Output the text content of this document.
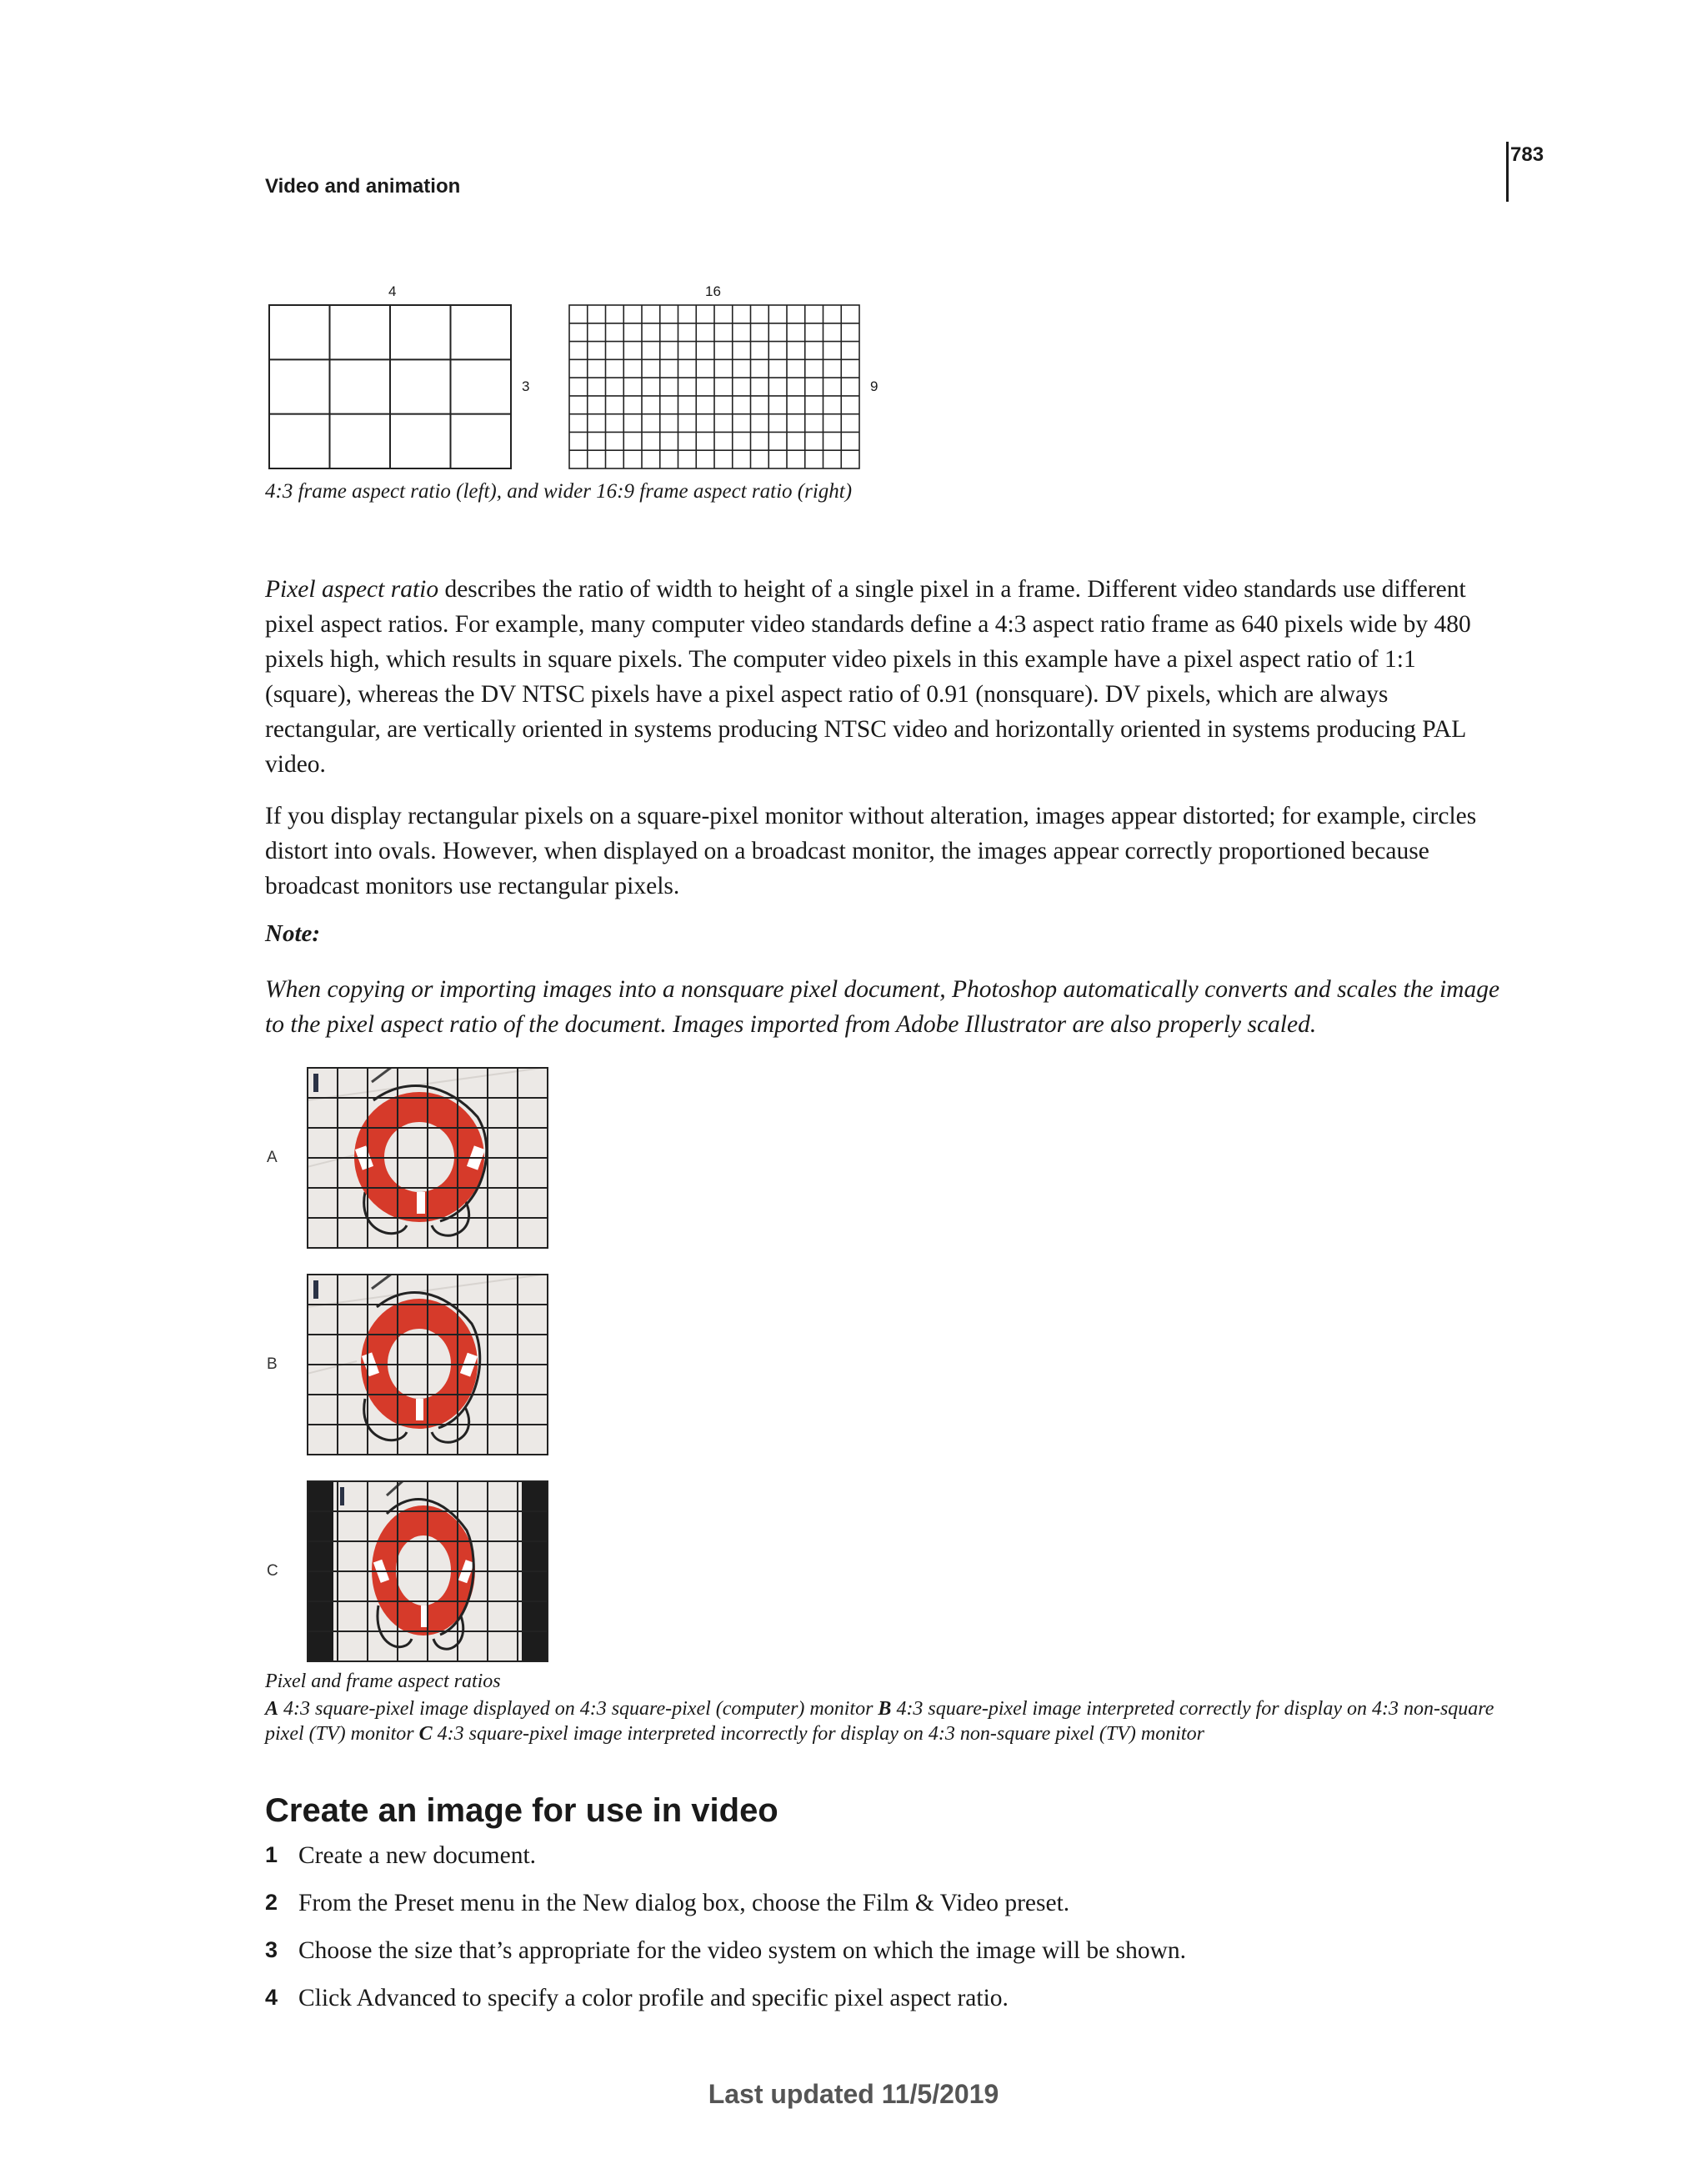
783
Video and animation
4
3
16
9
4:3 frame aspect ratio (left), and wider 16:9 frame aspect ratio (right)
Pixel aspect ratio describes the ratio of width to height of a single pixel in a frame. Different video standards use different pixel aspect ratios. For example, many computer video standards define a 4:3 aspect ratio frame as 640 pixels wide by 480 pixels high, which results in square pixels. The computer video pixels in this example have a pixel aspect ratio of 1:1 (square), whereas the DV NTSC pixels have a pixel aspect ratio of 0.91 (nonsquare). DV pixels, which are always rectangular, are vertically oriented in systems producing NTSC video and horizontally oriented in systems producing PAL video.
If you display rectangular pixels on a square-pixel monitor without alteration, images appear distorted; for example, circles distort into ovals. However, when displayed on a broadcast monitor, the images appear correctly proportioned because broadcast monitors use rectangular pixels.
Note:
When copying or importing images into a nonsquare pixel document, Photoshop automatically converts and scales the image to the pixel aspect ratio of the document. Images imported from Adobe Illustrator are also properly scaled.
A
B
C
Pixel and frame aspect ratios
A 4:3 square-pixel image displayed on 4:3 square-pixel (computer) monitor B 4:3 square-pixel image interpreted correctly for display on 4:3 non-square pixel (TV) monitor C 4:3 square-pixel image interpreted incorrectly for display on 4:3 non-square pixel (TV) monitor
Create an image for use in video
1 Create a new document.
2 From the Preset menu in the New dialog box, choose the Film & Video preset.
3 Choose the size that’s appropriate for the video system on which the image will be shown.
4 Click Advanced to specify a color profile and specific pixel aspect ratio.
Last updated 11/5/2019
